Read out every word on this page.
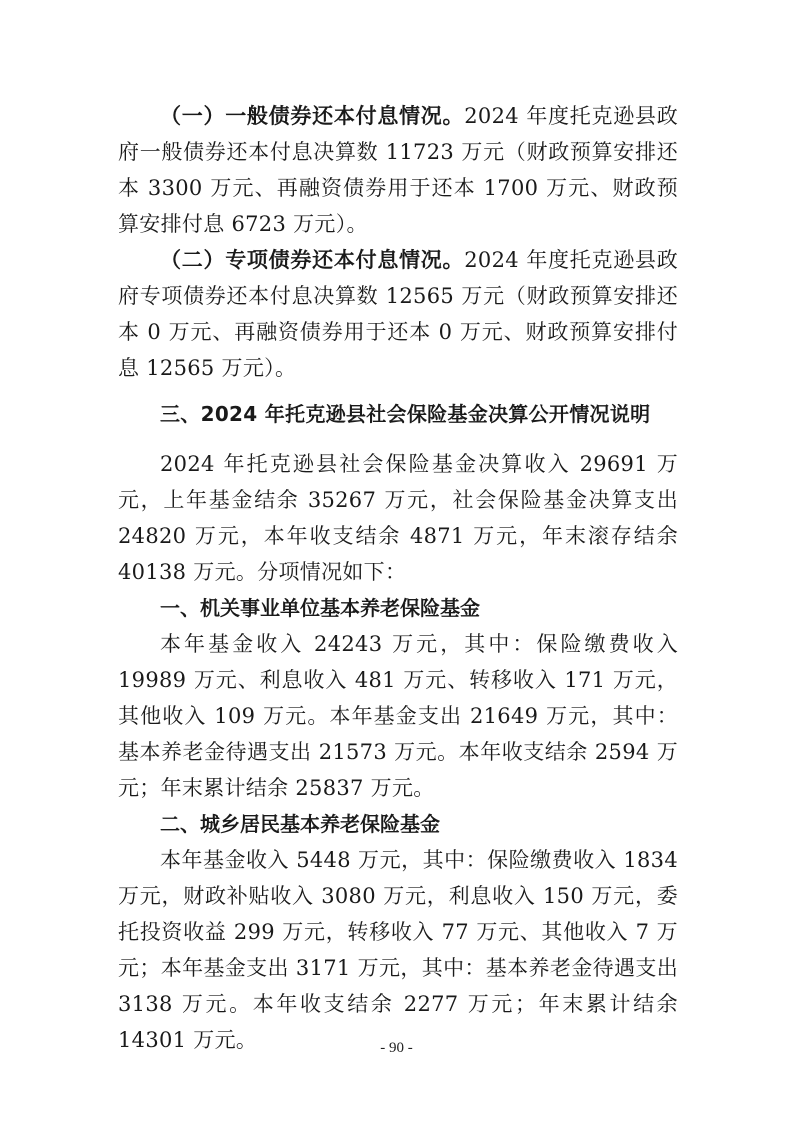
（一）一般债券还本付息情况。2024 年度托克逊县政府一般债券还本付息决算数 11723 万元（财政预算安排还本 3300 万元、再融资债券用于还本 1700 万元、财政预算安排付息 6723 万元）。

（二）专项债券还本付息情况。2024 年度托克逊县政府专项债券还本付息决算数 12565 万元（财政预算安排还本 0 万元、再融资债券用于还本 0 万元、财政预算安排付息 12565 万元）。

三、2024 年托克逊县社会保险基金决算公开情况说明

2024 年托克逊县社会保险基金决算收入 29691 万元，上年基金结余 35267 万元，社会保险基金决算支出 24820 万元，本年收支结余 4871 万元，年末滚存结余 40138 万元。分项情况如下：

一、机关事业单位基本养老保险基金

本年基金收入 24243 万元，其中：保险缴费收入 19989 万元、利息收入 481 万元、转移收入 171 万元，其他收入 109 万元。本年基金支出 21649 万元，其中：基本养老金待遇支出 21573 万元。本年收支结余 2594 万元；年末累计结余 25837 万元。

二、城乡居民基本养老保险基金

本年基金收入 5448 万元，其中：保险缴费收入 1834 万元，财政补贴收入 3080 万元，利息收入 150 万元，委托投资收益 299 万元，转移收入 77 万元、其他收入 7 万元；本年基金支出 3171 万元，其中：基本养老金待遇支出 3138 万元。本年收支结余 2277 万元；年末累计结余 14301 万元。	- 90 -
